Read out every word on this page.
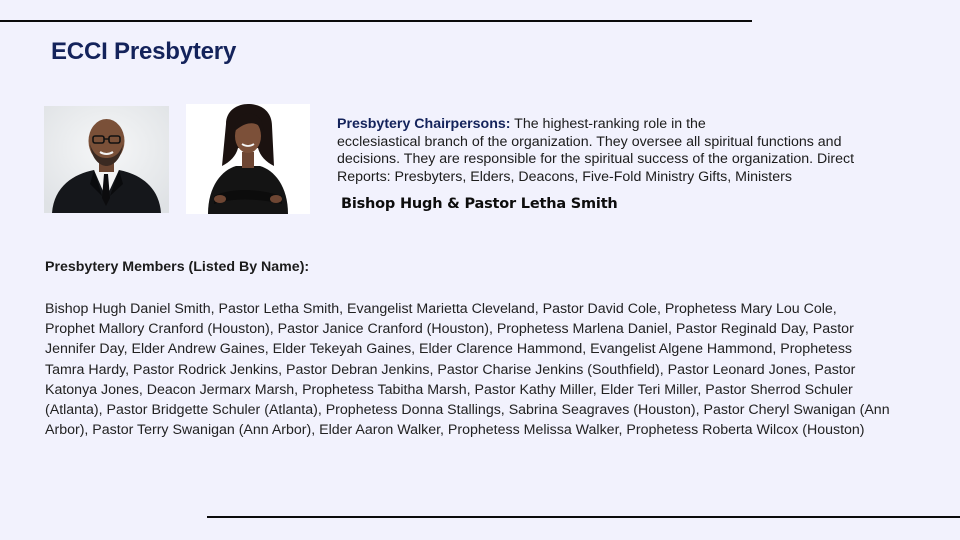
ECCI Presbytery
Presbytery Chairpersons: The highest-ranking role in the
ecclesiastical branch of the organization. They oversee all spiritual functions and
decisions. They are responsible for the spiritual success of the organization. Direct
Reports: Presbyters, Elders, Deacons, Five-Fold Ministry Gifts, Ministers
Bishop Hugh & Pastor Letha Smith
Presbytery Members (Listed By Name):
Bishop Hugh Daniel Smith, Pastor Letha Smith, Evangelist Marietta Cleveland, Pastor David Cole, Prophetess Mary Lou Cole,
Prophet Mallory Cranford (Houston), Pastor Janice Cranford (Houston), Prophetess Marlena Daniel, Pastor Reginald Day, Pastor
Jennifer Day, Elder Andrew Gaines, Elder Tekeyah Gaines, Elder Clarence Hammond, Evangelist Algene Hammond, Prophetess
Tamra Hardy, Pastor Rodrick Jenkins, Pastor Debran Jenkins, Pastor Charise Jenkins (Southfield), Pastor Leonard Jones, Pastor
Katonya Jones, Deacon Jermarx Marsh, Prophetess Tabitha Marsh, Pastor Kathy Miller, Elder Teri Miller, Pastor Sherrod Schuler
(Atlanta), Pastor Bridgette Schuler (Atlanta), Prophetess Donna Stallings, Sabrina Seagraves (Houston), Pastor Cheryl Swanigan (Ann
Arbor), Pastor Terry Swanigan (Ann Arbor), Elder Aaron Walker, Prophetess Melissa Walker, Prophetess Roberta Wilcox (Houston)
